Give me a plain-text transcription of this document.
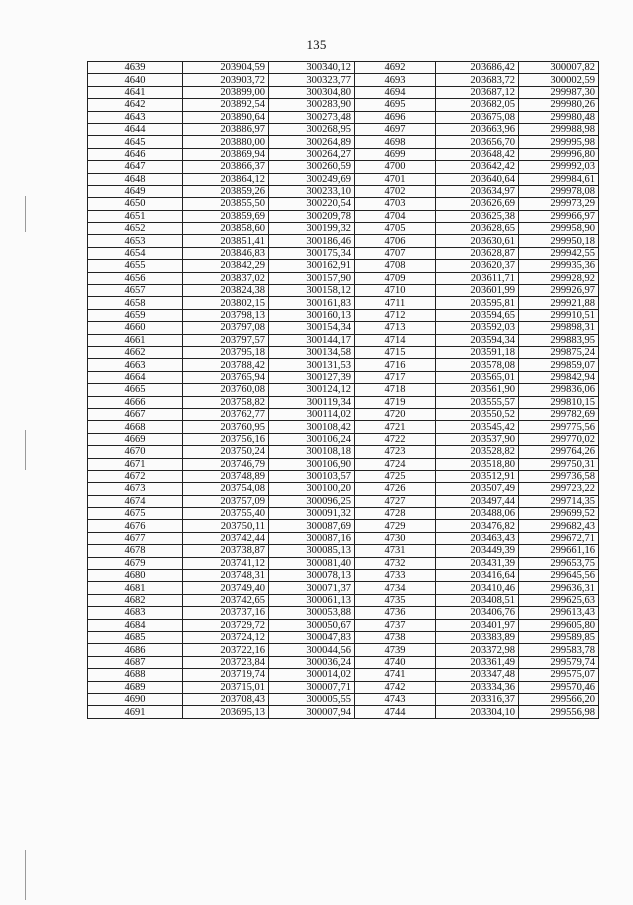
135
4639	203904,59	300340,12	4692	203686,42	300007,82
4640	203903,72	300323,77	4693	203683,72	300002,59
4641	203899,00	300304,80	4694	203687,12	299987,30
4642	203892,54	300283,90	4695	203682,05	299980,26
4643	203890,64	300273,48	4696	203675,08	299980,48
4644	203886,97	300268,95	4697	203663,96	299988,98
4645	203880,00	300264,89	4698	203656,70	299995,98
4646	203869,94	300264,27	4699	203648,42	299996,80
4647	203866,37	300260,59	4700	203642,42	299992,03
4648	203864,12	300249,69	4701	203640,64	299984,61
4649	203859,26	300233,10	4702	203634,97	299978,08
4650	203855,50	300220,54	4703	203626,69	299973,29
4651	203859,69	300209,78	4704	203625,38	299966,97
4652	203858,60	300199,32	4705	203628,65	299958,90
4653	203851,41	300186,46	4706	203630,61	299950,18
4654	203846,83	300175,34	4707	203628,87	299942,55
4655	203842,29	300162,91	4708	203620,37	299935,36
4656	203837,02	300157,90	4709	203611,71	299928,92
4657	203824,38	300158,12	4710	203601,99	299926,97
4658	203802,15	300161,83	4711	203595,81	299921,88
4659	203798,13	300160,13	4712	203594,65	299910,51
4660	203797,08	300154,34	4713	203592,03	299898,31
4661	203797,57	300144,17	4714	203594,34	299883,95
4662	203795,18	300134,58	4715	203591,18	299875,24
4663	203788,42	300131,53	4716	203578,08	299859,07
4664	203765,94	300127,39	4717	203565,01	299842,94
4665	203760,08	300124,12	4718	203561,90	299836,06
4666	203758,82	300119,34	4719	203555,57	299810,15
4667	203762,77	300114,02	4720	203550,52	299782,69
4668	203760,95	300108,42	4721	203545,42	299775,56
4669	203756,16	300106,24	4722	203537,90	299770,02
4670	203750,24	300108,18	4723	203528,82	299764,26
4671	203746,79	300106,90	4724	203518,80	299750,31
4672	203748,89	300103,57	4725	203512,91	299736,58
4673	203754,08	300100,20	4726	203507,49	299723,22
4674	203757,09	300096,25	4727	203497,44	299714,35
4675	203755,40	300091,32	4728	203488,06	299699,52
4676	203750,11	300087,69	4729	203476,82	299682,43
4677	203742,44	300087,16	4730	203463,43	299672,71
4678	203738,87	300085,13	4731	203449,39	299661,16
4679	203741,12	300081,40	4732	203431,39	299653,75
4680	203748,31	300078,13	4733	203416,64	299645,56
4681	203749,40	300071,37	4734	203410,46	299636,31
4682	203742,65	300061,13	4735	203408,51	299625,63
4683	203737,16	300053,88	4736	203406,76	299613,43
4684	203729,72	300050,67	4737	203401,97	299605,80
4685	203724,12	300047,83	4738	203383,89	299589,85
4686	203722,16	300044,56	4739	203372,98	299583,78
4687	203723,84	300036,24	4740	203361,49	299579,74
4688	203719,74	300014,02	4741	203347,48	299575,07
4689	203715,01	300007,71	4742	203334,36	299570,46
4690	203708,43	300005,55	4743	203316,37	299566,20
4691	203695,13	300007,94	4744	203304,10	299556,98
